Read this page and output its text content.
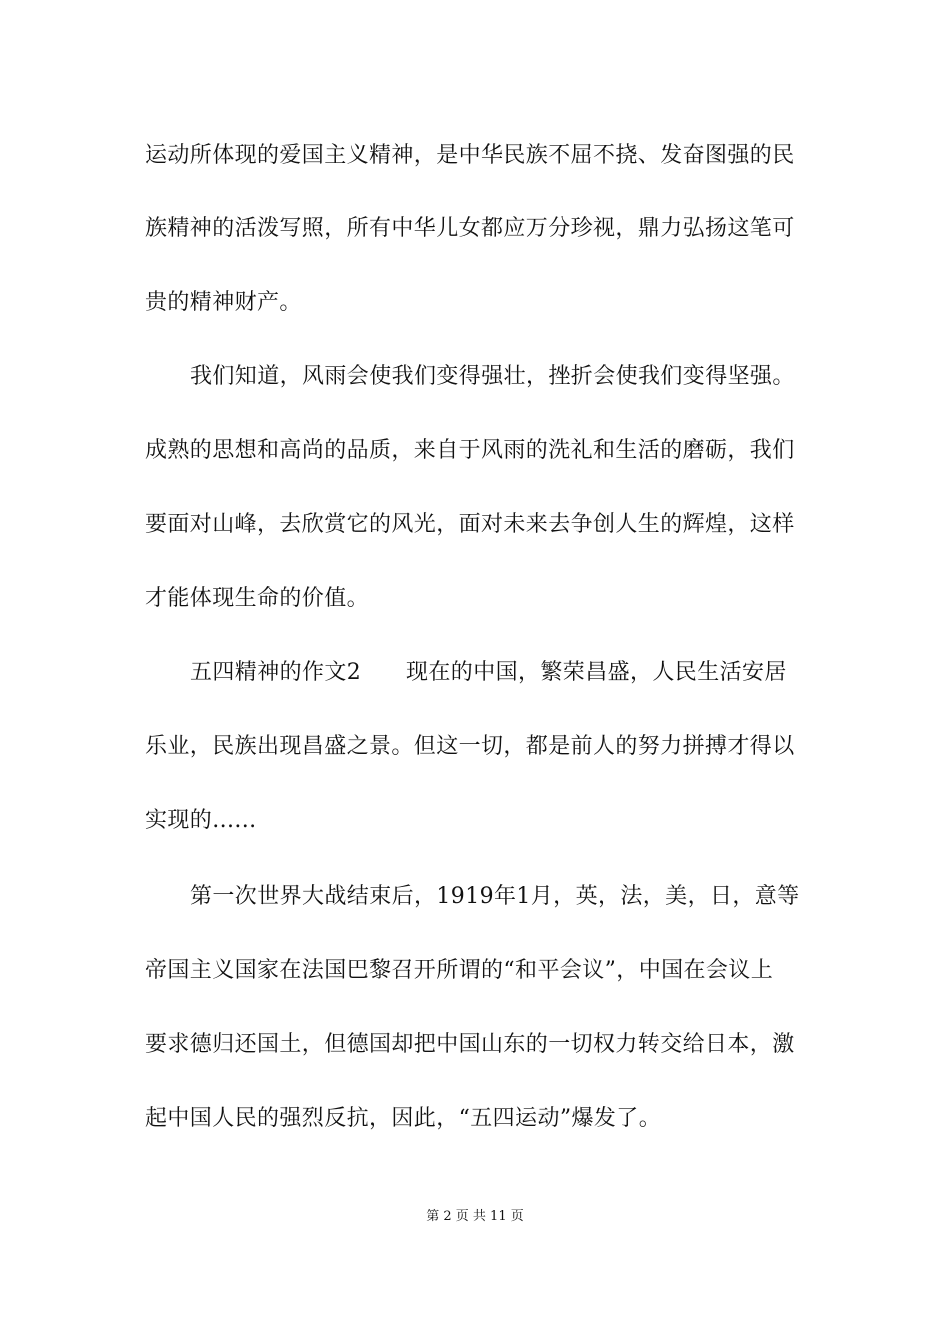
运动所体现的爱国主义精神，是中华民族不屈不挠、发奋图强的民
族精神的活泼写照，所有中华儿女都应万分珍视，鼎力弘扬这笔可
贵的精神财产。
我们知道，风雨会使我们变得强壮，挫折会使我们变得坚强。
成熟的思想和高尚的品质，来自于风雨的洗礼和生活的磨砺，我们
要面对山峰，去欣赏它的风光，面对未来去争创人生的辉煌，这样
才能体现生命的价值。
五四精神的作文2　　现在的中国，繁荣昌盛，人民生活安居
乐业，民族出现昌盛之景。但这一切，都是前人的努力拼搏才得以
实现的......
第一次世界大战结束后，1919年1月，英，法，美，日，意等
帝国主义国家在法国巴黎召开所谓的“和平会议”，中国在会议上
要求德归还国土，但德国却把中国山东的一切权力转交给日本，激
起中国人民的强烈反抗，因此，“五四运动”爆发了。
第 2 页 共 11 页
